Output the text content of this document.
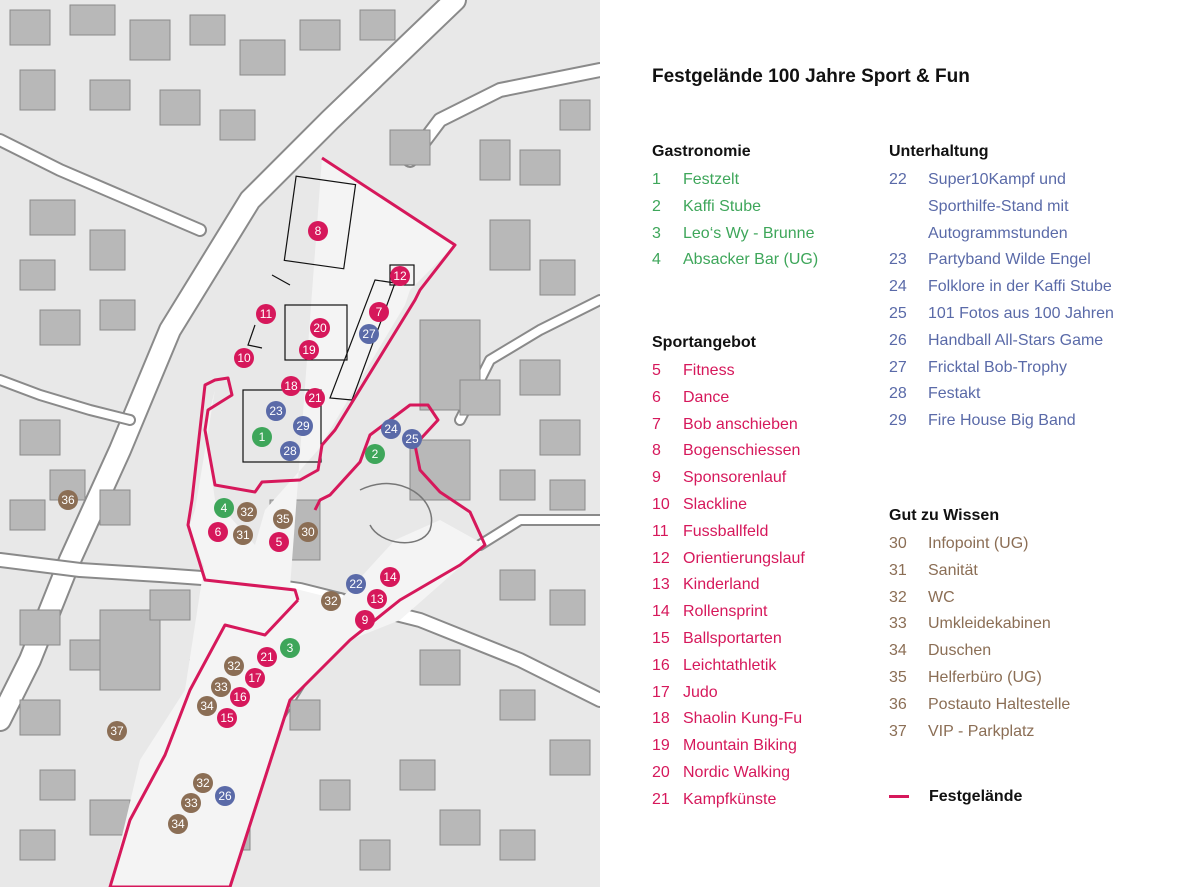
8
12
11	7
20	27
19
10
18
21
23
29
1
28
24
25
2
36
4	32 35
6	31	5
30
14
22
13
32
9
3
21
32
17
33
16
34
15
37
32
26
33
34
Festgelände 100 Jahre Sport & Fun
Gastronomie
1 Festzelt
2 Kaffi Stube
3 Leo‘s Wy - Brunne
4 Absacker Bar (UG)
Sportangebot
5 Fitness
6 Dance
7 Bob anschieben
8 Bogenschiessen
9 Sponsorenlauf
10 Slackline
11 Fussballfeld
12 Orientierungslauf
13 Kinderland
14 Rollensprint
15 Ballsportarten
16 Leichtathletik
17 Judo
18 Shaolin Kung-Fu
19 Mountain Biking
20 Nordic Walking
21 Kampfkünste
Unterhaltung
22 Super10Kampf und
Sporthilfe-Stand mit
Autogrammstunden
23 Partyband Wilde Engel
24 Folklore in der Kaffi Stube
25 101 Fotos aus 100 Jahren
26 Handball All-Stars Game
27 Fricktal Bob-Trophy
28 Festakt
29 Fire House Big Band
Gut zu Wissen
30 Infopoint (UG)
31 Sanität
32 WC
33 Umkleidekabinen
34 Duschen
35 Helferbüro (UG)
36 Postauto Haltestelle
37 VIP - Parkplatz
Festgelände
